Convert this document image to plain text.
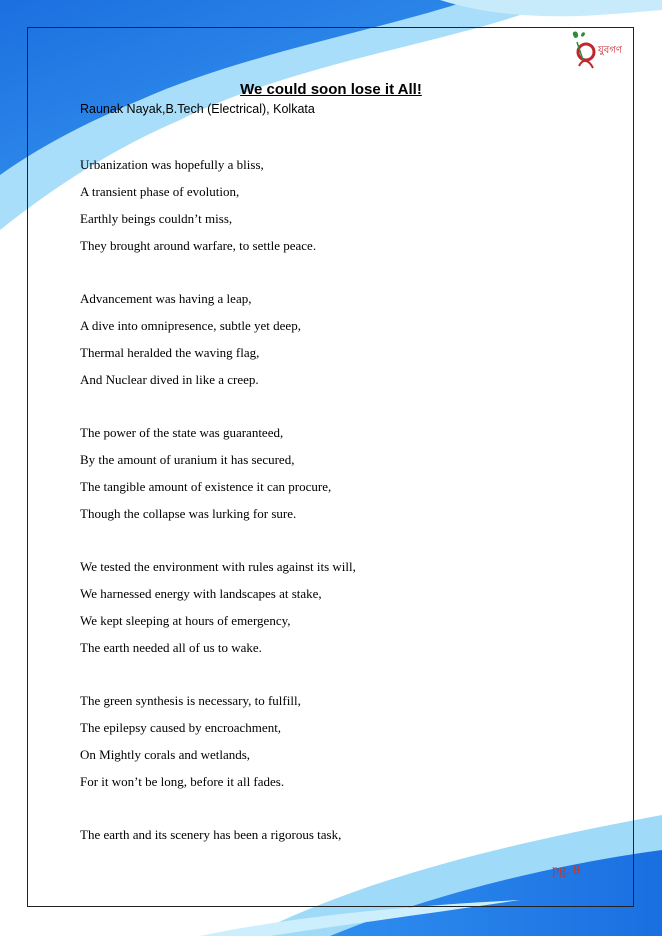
যুবগণ
We could soon lose it All!
Raunak Nayak,B.Tech (Electrical), Kolkata
Urbanization was hopefully a bliss,
A transient phase of evolution,
Earthly beings couldn’t miss,
They brought around warfare, to settle peace.
Advancement was having a leap,
A dive into omnipresence, subtle yet deep,
Thermal heralded the waving flag,
And Nuclear dived in like a creep.
The power of the state was guaranteed,
By the amount of uranium it has secured,
The tangible amount of existence it can procure,
Though the collapse was lurking for sure.
We tested the environment with rules against its will,
We harnessed energy with landscapes at stake,
We kept sleeping at hours of emergency,
The earth needed all of us to wake.
The green synthesis is necessary, to fulfill,
The epilepsy caused by encroachment,
On Mightly corals and wetlands,
For it won’t be long, before it all fades.
The earth and its scenery has been a rigorous task,
pg. 8
